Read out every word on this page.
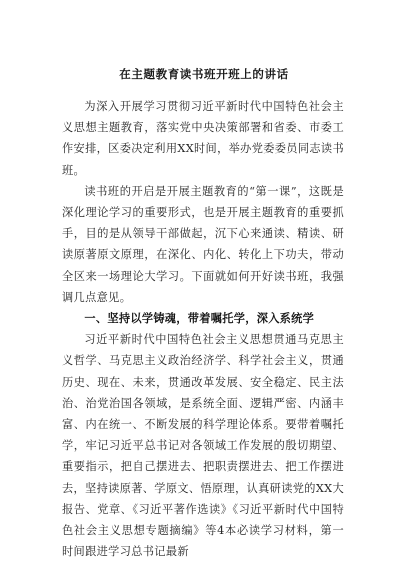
在主题教育读书班开班上的讲话

为深入开展学习贯彻习近平新时代中国特色社会主义思想主题教育，落实党中央决策部署和省委、市委工作安排，区委决定利用XX时间，举办党委委员同志读书班。

读书班的开启是开展主题教育的“第一课”，这既是深化理论学习的重要形式，也是开展主题教育的重要抓手，目的是从领导干部做起，沉下心来通读、精读、研读原著原文原理，在深化、内化、转化上下功夫，带动全区来一场理论大学习。下面就如何开好读书班，我强调几点意见。

一、坚持以学铸魂，带着嘱托学，深入系统学

习近平新时代中国特色社会主义思想贯通马克思主义哲学、马克思主义政治经济学、科学社会主义，贯通历史、现在、未来，贯通改革发展、安全稳定、民主法治、治党治国各领域，是系统全面、逻辑严密、内涵丰富、内在统一、不断发展的科学理论体系。要带着嘱托学，牢记习近平总书记对各领域工作发展的殷切期望、重要指示，把自己摆进去、把职责摆进去、把工作摆进去，坚持读原著、学原文、悟原理，认真研读党的XX大报告、党章、《习近平著作选读》《习近平新时代中国特色社会主义思想专题摘编》等4本必读学习材料，第一时间跟进学习总书记最新
